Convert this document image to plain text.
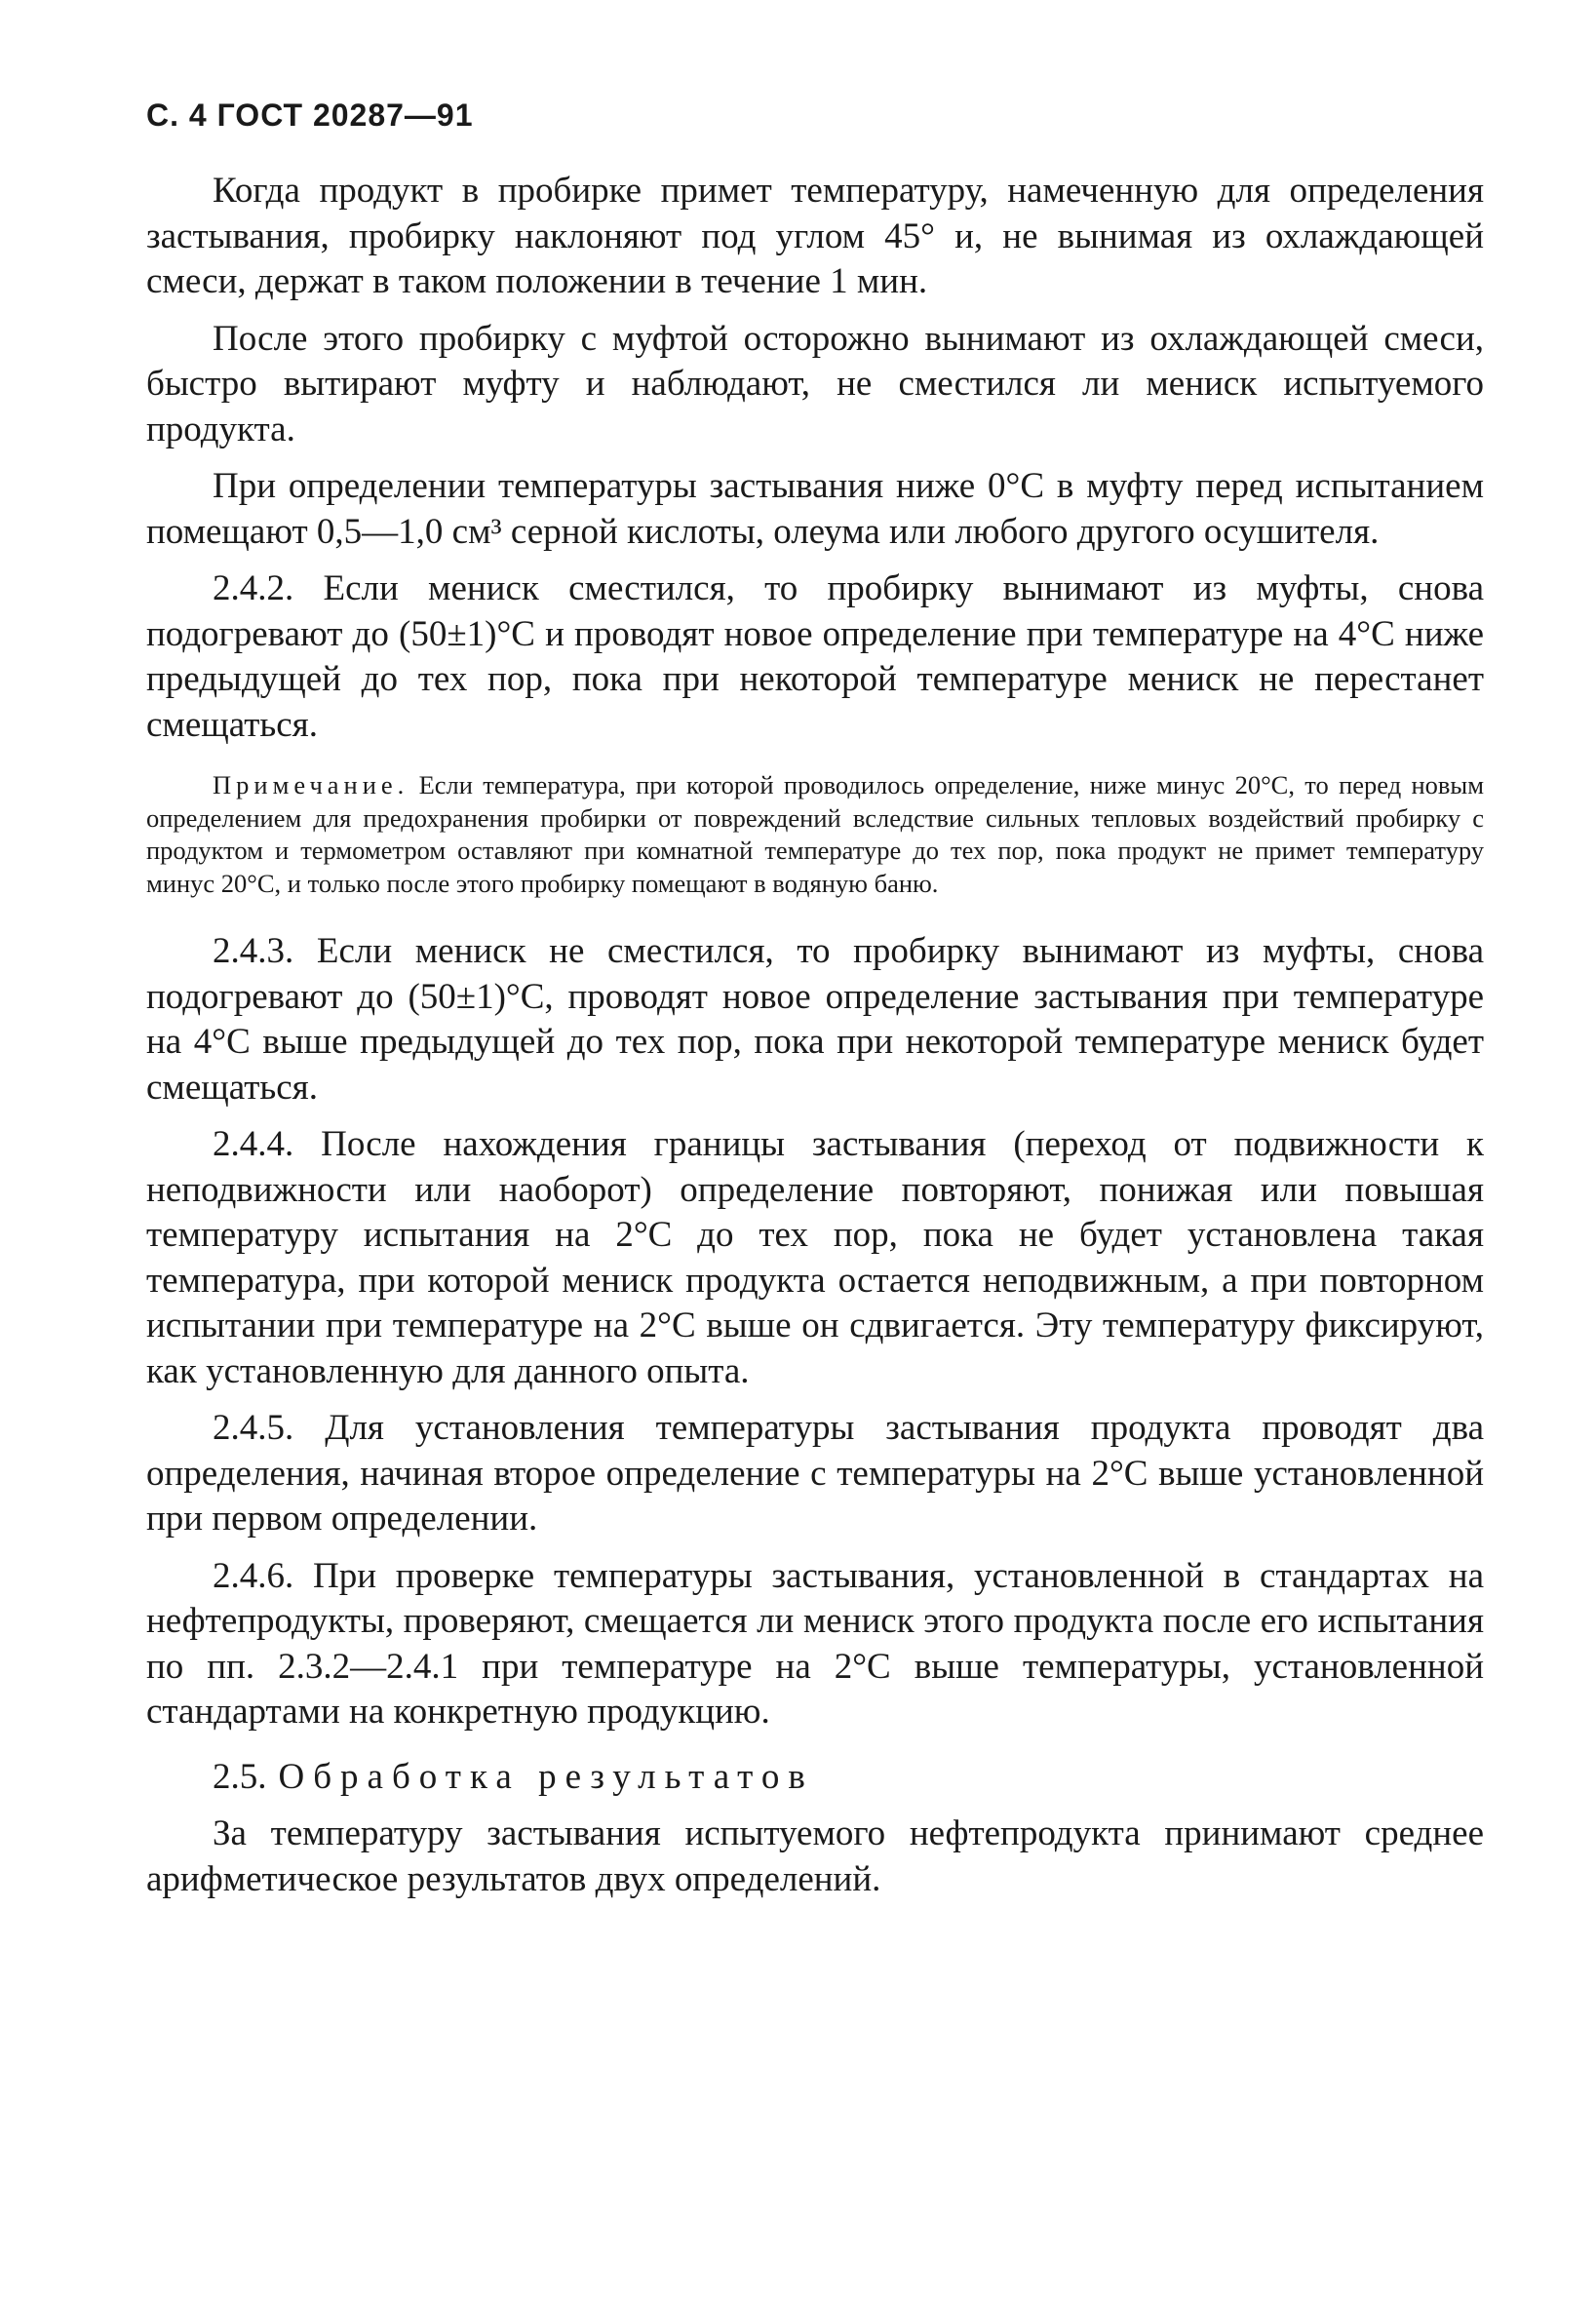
С. 4 ГОСТ 20287—91

Когда продукт в пробирке примет температуру, намеченную для определения застывания, пробирку наклоняют под углом 45° и, не вынимая из охлаждающей смеси, держат в таком положении в течение 1 мин.

После этого пробирку с муфтой осторожно вынимают из охлаждающей смеси, быстро вытирают муфту и наблюдают, не сместился ли мениск испытуемого продукта.

При определении температуры застывания ниже 0°С в муфту перед испытанием помещают 0,5—1,0 см³ серной кислоты, олеума или любого другого осушителя.

2.4.2. Если мениск сместился, то пробирку вынимают из муфты, снова подогревают до (50±1)°С и проводят новое определение при температуре на 4°С ниже предыдущей до тех пор, пока при некоторой температуре мениск не перестанет смещаться.

Примечание. Если температура, при которой проводилось определение, ниже минус 20°С, то перед новым определением для предохранения пробирки от повреждений вследствие сильных тепловых воздействий пробирку с продуктом и термометром оставляют при комнатной температуре до тех пор, пока продукт не примет температуру минус 20°С, и только после этого пробирку помещают в водяную баню.

2.4.3. Если мениск не сместился, то пробирку вынимают из муфты, снова подогревают до (50±1)°С, проводят новое определение застывания при температуре на 4°С выше предыдущей до тех пор, пока при некоторой температуре мениск будет смещаться.

2.4.4. После нахождения границы застывания (переход от подвижности к неподвижности или наоборот) определение повторяют, понижая или повышая температуру испытания на 2°С до тех пор, пока не будет установлена такая температура, при которой мениск продукта остается неподвижным, а при повторном испытании при температуре на 2°С выше он сдвигается. Эту температуру фиксируют, как установленную для данного опыта.

2.4.5. Для установления температуры застывания продукта проводят два определения, начиная второе определение с температуры на 2°С выше установленной при первом определении.

2.4.6. При проверке температуры застывания, установленной в стандартах на нефтепродукты, проверяют, смещается ли мениск этого продукта после его испытания по пп. 2.3.2—2.4.1 при температуре на 2°С выше температуры, установленной стандартами на конкретную продукцию.

2.5. Обработка результатов

За температуру застывания испытуемого нефтепродукта принимают среднее арифметическое результатов двух определений.
